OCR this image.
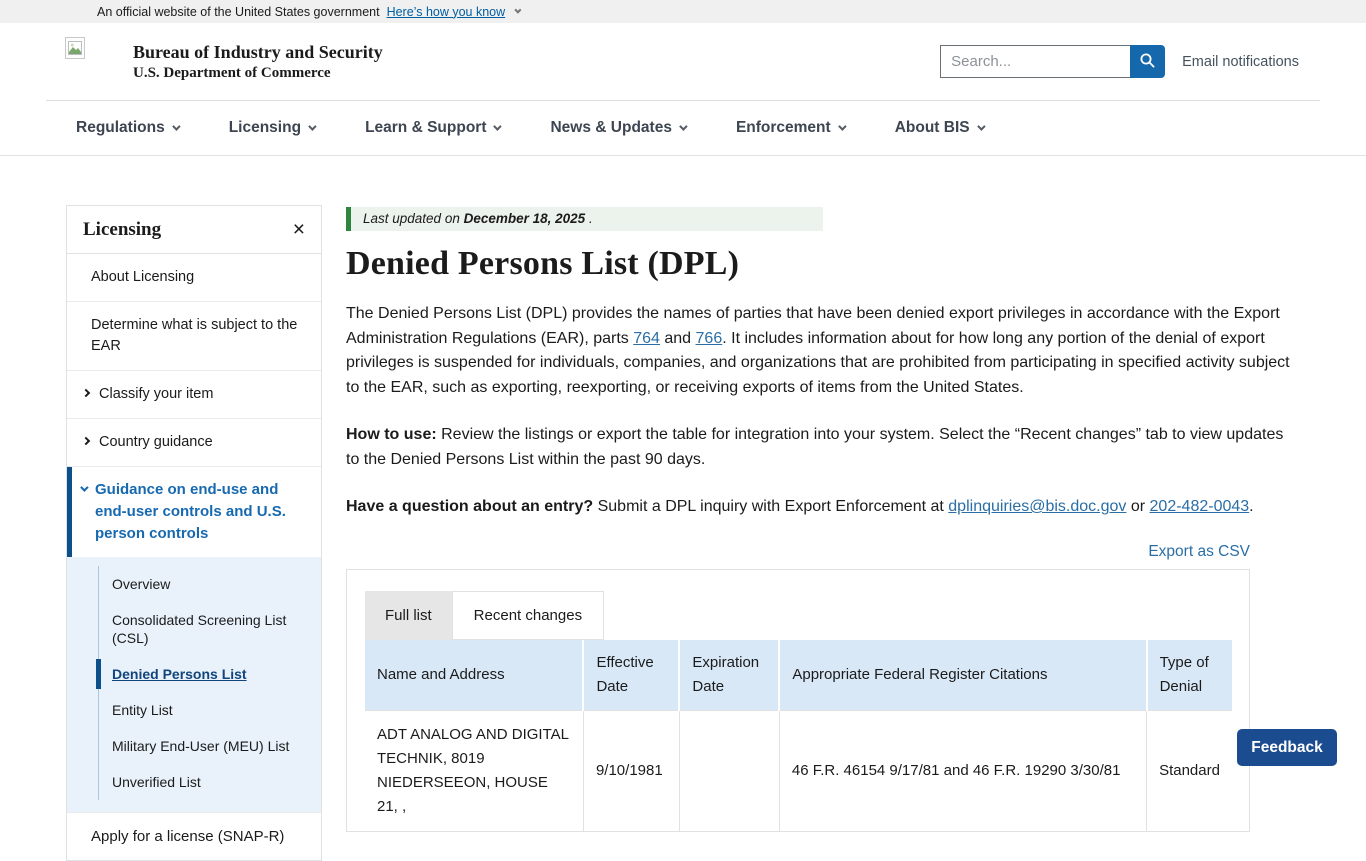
An official website of the United States government Here’s how you know
Bureau of Industry and Security
U.S. Department of Commerce
Search...
Email notifications
Regulations	Licensing	Learn & Support	News & Updates	Enforcement	About BIS
Licensing	×
About Licensing
Determine what is subject to the EAR
Classify your item
Country guidance
Guidance on end-use and end-user controls and U.S. person controls
Overview
Consolidated Screening List (CSL)
Denied Persons List
Entity List
Military End-User (MEU) List
Unverified List
Apply for a license (SNAP-R)
Last updated on December 18, 2025 .
Denied Persons List (DPL)

The Denied Persons List (DPL) provides the names of parties that have been denied export privileges in accordance with the Export Administration Regulations (EAR), parts 764 and 766. It includes information about for how long any portion of the denial of export privileges is suspended for individuals, companies, and organizations that are prohibited from participating in specified activity subject to the EAR, such as exporting, reexporting, or receiving exports of items from the United States.

How to use: Review the listings or export the table for integration into your system. Select the “Recent changes” tab to view updates to the Denied Persons List within the past 90 days.

Have a question about an entry? Submit a DPL inquiry with Export Enforcement at dplinquiries@bis.doc.gov or 202-482-0043.

Export as CSV
Full list	Recent changes
Name and Address	Effective Date	Expiration Date	Appropriate Federal Register Citations	Type of Denial
ADT ANALOG AND DIGITAL TECHNIK, 8019 NIEDERSEEON, HOUSE 21, ,	9/10/1981		46 F.R. 46154 9/17/81 and 46 F.R. 19290 3/30/81	Standard
Feedback
